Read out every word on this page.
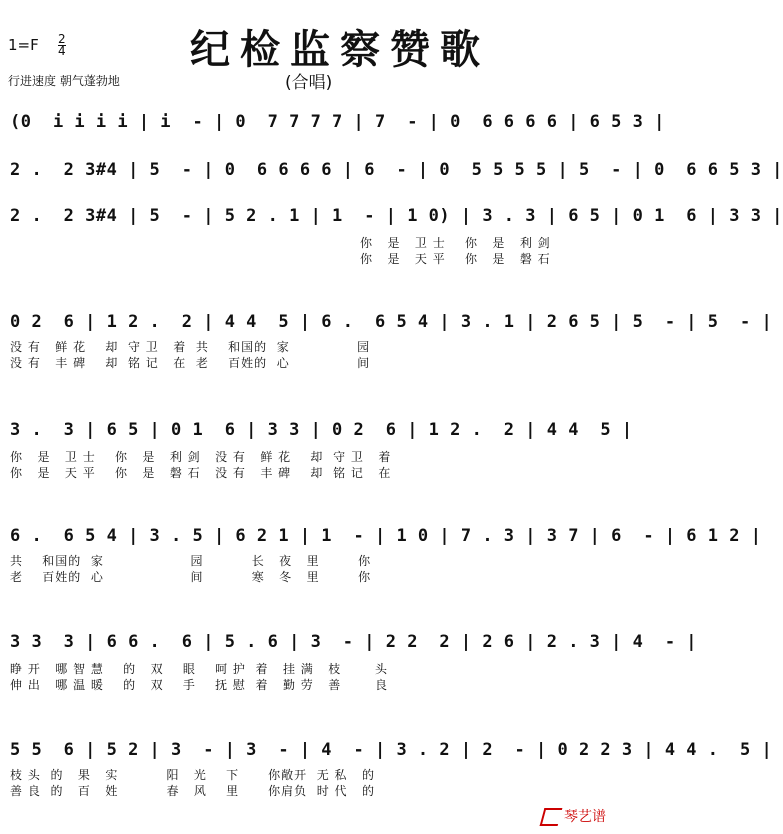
纪检监察赞歌
1=F 2
4
行进速度 朝气蓬勃地	(合唱)
(0  i i i i | i  - | 0  7 7 7 7 | 7  - | 0  6 6 6 6 | 6 5 3 |
2 .  2 3#4 | 5  - | 0  6 6 6 6 | 6  - | 0  5 5 5 5 | 5  - | 0  6 6 5 3 |
2 .  2 3#4 | 5  - | 5 2 . 1 | 1  - | 1 0) | 3 . 3 | 6 5 | 0 1  6 | 3 3 |
你   是   卫 士    你   是   利 剑
你   是   天 平    你   是   磐 石
0 2  6 | 1 2 .  2 | 4 4  5 | 6 .  6 5 4 | 3 . 1 | 2 6 5 | 5  - | 5  - |
没 有   鲜 花    却  守 卫   着  共    和国的  家              园
没 有   丰 碑    却  铭 记   在  老    百姓的  心              间
3 .  3 | 6 5 | 0 1  6 | 3 3 | 0 2  6 | 1 2 .  2 | 4 4  5 |
你   是   卫 士    你   是   利 剑   没 有   鲜 花    却  守 卫   着
你   是   天 平    你   是   磐 石   没 有   丰 碑    却  铭 记   在
6 .  6 5 4 | 3 . 5 | 6 2 1 | 1  - | 1 0 | 7 . 3 | 3 7 | 6  - | 6 1 2 |
共    和国的  家                  园          长   夜   里        你
老    百姓的  心                  间          寒   冬   里        你
3 3  3 | 6 6 .  6 | 5 . 6 | 3  - | 2 2  2 | 2 6 | 2 . 3 | 4  - |
睁 开   哪 智 慧    的   双    眼    呵 护  着   挂 满   枝       头
伸 出   哪 温 暖    的   双    手    抚 慰  着   勤 劳   善       良
5 5  6 | 5 2 | 3  - | 3  - | 4  - | 3 . 2 | 2  - | 0 2 2 3 | 4 4 .  5 |
枝 头  的   果   实          阳   光    下      你敞开  无 私   的
善 良  的   百   姓          春   风    里      你肩负  时 代   的
琴艺谱
